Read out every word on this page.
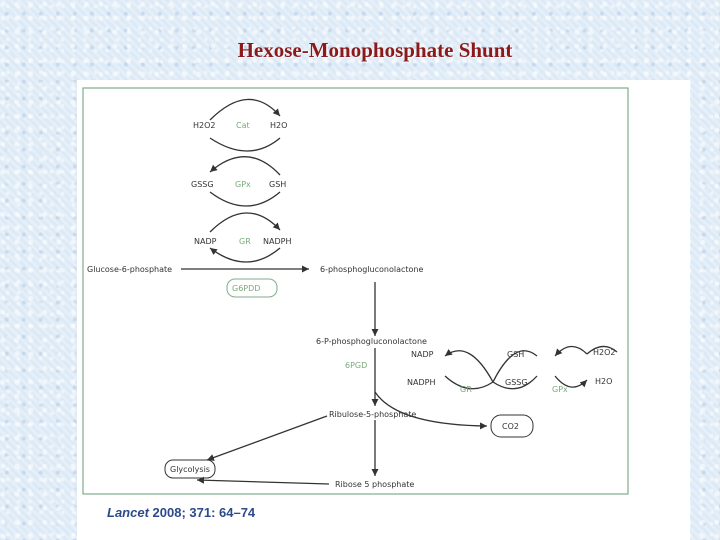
Hexose-Monophosphate Shunt
H2O2	Cat	H2O
GSSG	GPx GSH
NADP	GR NADPH
Glucose-6-phosphate	6-phosphogluconolactone
G6PDD
6-P-phosphogluconolactone
6PGD
NADP
NADPH
GR
GSH
GSSG
H2O2
GPx
H2O
Ribulose-5-phosphate
CO2
Glycolysis
Ribose 5 phosphate
Lancet 2008; 371: 64–74
